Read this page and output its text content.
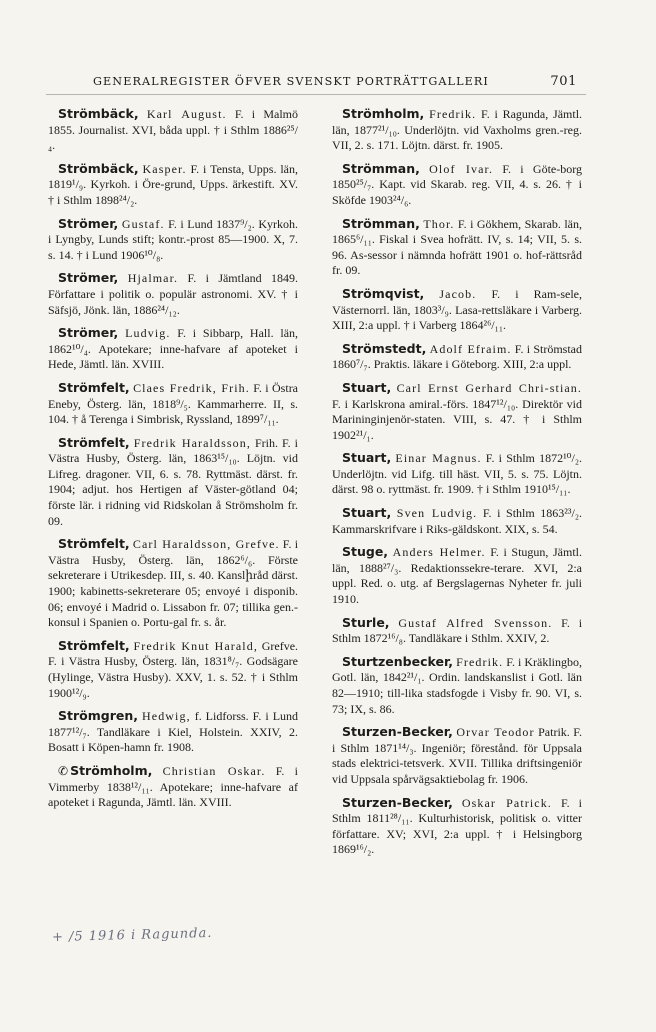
GENERALREGISTER ÖFVER SVENSKT PORTRÄTTGALLERI	701

Strömbäck, Karl August. F. i Malmö 1855. Journalist. XVI, båda uppl. † i Sthlm 1886²⁵/₄.

Strömbäck, Kasper. F. i Tensta, Upps. län, 1819¹/₉. Kyrkoh. i Öre-grund, Upps. ärkestift. XV. † i Sthlm 1898²⁴/₂.

Strömer, Gustaf. F. i Lund 1837⁹/₂. Kyrkoh. i Lyngby, Lunds stift; kontr.-prost 85—1900. X, 7. s. 14. † i Lund 1906¹⁰/₈.

Strömer, Hjalmar. F. i Jämtland 1849. Författare i politik o. populär astronomi. XV. † i Säfsjö, Jönk. län, 1886²⁴/₁₂.

Strömer, Ludvig. F. i Sibbarp, Hall. län, 1862¹⁰/₄. Apotekare; inne-hafvare af apoteket i Hede, Jämtl. län. XVIII.

Strömfelt, Claes Fredrik, Frih. F. i Östra Eneby, Österg. län, 1818⁹/₅. Kammarherre. II, s. 104. † å Terenga i Simbrisk, Ryssland, 1899⁷/₁₁.

Strömfelt, Fredrik Haraldsson, Frih. F. i Västra Husby, Österg. län, 1863¹⁵/₁₀. Löjtn. vid Lifreg. dragoner. VII, 6. s. 78. Ryttmäst. därst. fr. 1904; adjut. hos Hertigen af Väster-götland 04; förste lär. i ridning vid Ridskolan å Strömsholm fr. 09.

Strömfelt, Carl Haraldsson, Grefve. F. i Västra Husby, Österg. län, 1862⁶/₆. Förste sekreterare i Utrikesdep. III, s. 40. Kanslիråd därst. 1900; kabinetts-sekreterare 05; envoyé i disponib. 06; envoyé i Madrid o. Lissabon fr. 07; tillika gen.-konsul i Spanien o. Portu-gal fr. s. år.

Strömfelt, Fredrik Knut Harald, Grefve. F. i Västra Husby, Österg. län, 1831⁸/₇. Godsägare (Hylinge, Västra Husby). XXV, 1. s. 52. † i Sthlm 1900¹²/₉.

Strömgren, Hedwig, f. Lidforss. F. i Lund 1877¹²/₇. Tandläkare i Kiel, Holstein. XXIV, 2. Bosatt i Köpen-hamn fr. 1908.

✆ Strömholm, Christian Oskar. F. i Vimmerby 1838¹²/₁₁. Apotekare; inne-hafvare af apoteket i Ragunda, Jämtl. län. XVIII.

Strömholm, Fredrik. F. i Ragunda, Jämtl. län, 1877²¹/₁₀. Underlöjtn. vid Vaxholms gren.-reg. VII, 2. s. 171. Löjtn. därst. fr. 1905.

Strömman, Olof Ivar. F. i Göte-borg 1850²⁵/₇. Kapt. vid Skarab. reg. VII, 4. s. 26. † i Sköfde 1903²⁴/₆.

Strömman, Thor. F. i Gökhem, Skarab. län, 1865⁶/₁₁. Fiskal i Svea hofrätt. IV, s. 14; VII, 5. s. 96. As-sessor i nämnda hofrätt 1901 o. hof-rättsråd fr. 09.

Strömqvist, Jacob. F. i Ram-sele, Västernorrl. län, 1803³/₉. Lasa-rettsläkare i Varberg. XIII, 2:a uppl. † i Varberg 1864²⁶/₁₁.

Strömstedt, Adolf Efraim. F. i Strömstad 1860⁷/₇. Praktis. läkare i Göteborg. XIII, 2:a uppl.

Stuart, Carl Ernst Gerhard Chri-stian. F. i Karlskrona amiral.-förs. 1847¹²/₁₀. Direktör vid Marininginjenör-staten. VIII, s. 47. † i Sthlm 1902²¹/₁.

Stuart, Einar Magnus. F. i Sthlm 1872¹⁰/₂. Underlöjtn. vid Lifg. till häst. VII, 5. s. 75. Löjtn. därst. 98 o. ryttmäst. fr. 1909. † i Sthlm 1910¹⁵/₁₁.

Stuart, Sven Ludvig. F. i Sthlm 1863²³/₂. Kammarskrifvare i Riks-gäldskont. XIX, s. 54.

Stuge, Anders Helmer. F. i Stugun, Jämtl. län, 1888²⁷/₃. Redaktionssekre-terare. XVI, 2:a uppl. Red. o. utg. af Bergslagernas Nyheter fr. juli 1910.

Sturle, Gustaf Alfred Svensson. F. i Sthlm 1872¹⁶/₈. Tandläkare i Sthlm. XXIV, 2.

Sturtzenbecker, Fredrik. F. i Kräklingbo, Gotl. län, 1842²¹/₁. Ordin. landskanslist i Gotl. län 82—1910; till-lika stadsfogde i Visby fr. 90. VI, s. 73; IX, s. 86.

Sturzen-Becker, Orvar Teodor Patrik. F. i Sthlm 1871¹⁴/₃. Ingeniör; förestånd. för Uppsala stads elektrici-tetsverk. XVII. Tillika driftsingeniör vid Uppsala spårvägsaktiebolag fr. 1906.

Sturzen-Becker, Oskar Patrick. F. i Sthlm 1811²⁸/₁₁. Kulturhistorisk, politisk o. vitter författare. XV; XVI, 2:a uppl. † i Helsingborg 1869¹⁶/₂.

+ /5 1916 i Ragunda.
